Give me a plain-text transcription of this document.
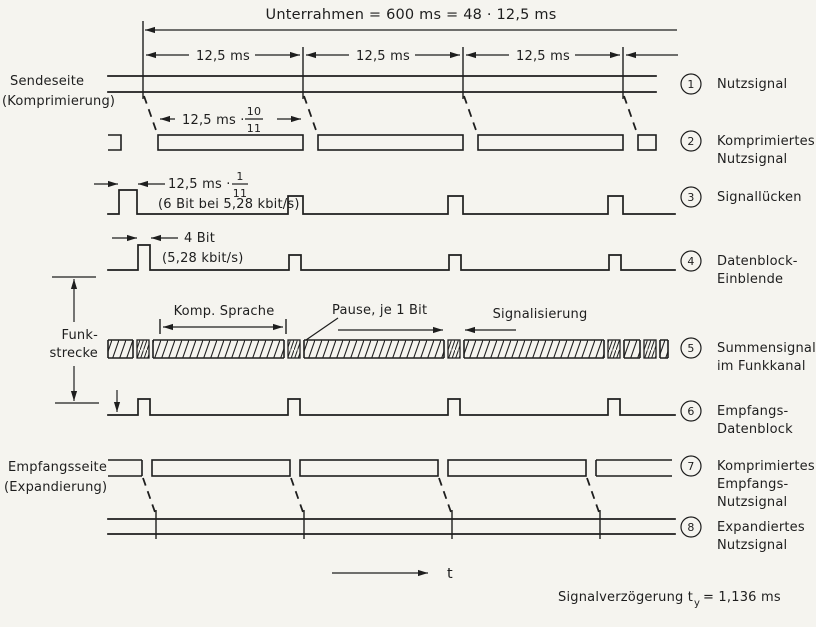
Unterrahmen = 600 ms = 48 · 12,5 ms
12,5 ms	12,5 ms	12,5 ms
12,5 ms ·
10
11
12,5 ms ·
1
11
(6 Bit bei 5,28 kbit/s)
4 Bit
(5,28 kbit/s)
Komp. Sprache	Pause, je 1 Bit	Signalisierung
Sendeseite
(Komprimierung)
Funk-
strecke
Empfangsseite
(Expandierung)
1 Nutzsignal
2 Komprimiertes
Nutzsignal
3 Signallücken
4 Datenblock-
Einblende
5 Summensignal
im Funkkanal
6 Empfangs-
Datenblock
7 Komprimiertes
Empfangs-
Nutzsignal
8 Expandiertes
Nutzsignal
t
Signalverzögerung t y = 1,136 ms
